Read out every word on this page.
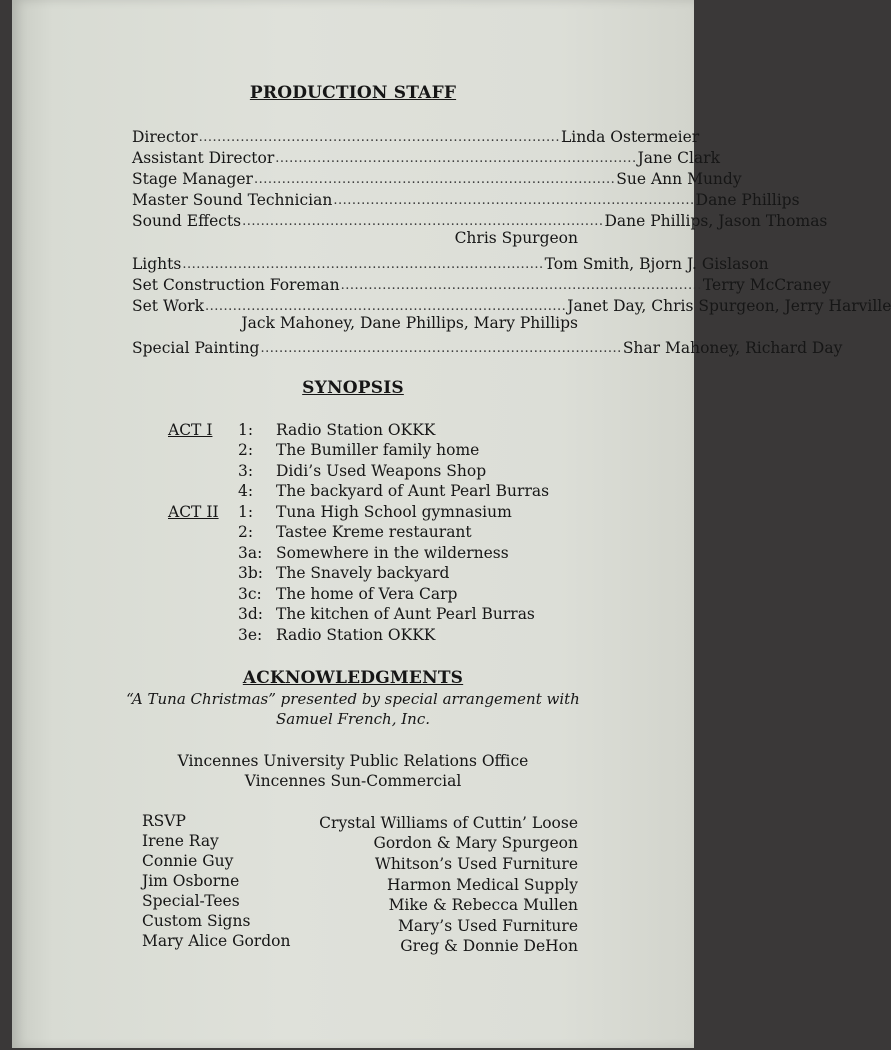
PRODUCTION STAFF
Director .............................................................................. Linda Ostermeier
Assistant Director .............................................................................. Jane Clark
Stage Manager .............................................................................. Sue Ann Mundy
Master Sound Technician .............................................................................. Dane Phillips
Sound Effects .............................................................................. Dane Phillips, Jason Thomas
Chris Spurgeon
Lights .............................................................................. Tom Smith, Bjorn J. Gislason
Set Construction Foreman .............................................................................. Terry McCraney
Set Work .............................................................................. Janet Day, Chris Spurgeon, Jerry Harville
Jack Mahoney, Dane Phillips, Mary Phillips
Special Painting .............................................................................. Shar Mahoney, Richard Day
SYNOPSIS
ACT I 1: Radio Station OKKK
2: The Bumiller family home
3: Didi’s Used Weapons Shop
4: The backyard of Aunt Pearl Burras
ACT II 1: Tuna High School gymnasium
2: Tastee Kreme restaurant
3a: Somewhere in the wilderness
3b: The Snavely backyard
3c: The home of Vera Carp
3d: The kitchen of Aunt Pearl Burras
3e: Radio Station OKKK
ACKNOWLEDGMENTS
“A Tuna Christmas” presented by special arrangement with
Samuel French, Inc.
Vincennes University Public Relations Office
Vincennes Sun-Commercial
RSVP
Irene Ray
Connie Guy
Jim Osborne
Special-Tees
Custom Signs
Mary Alice Gordon
Crystal Williams of Cuttin’ Loose
Gordon & Mary Spurgeon
Whitson’s Used Furniture
Harmon Medical Supply
Mike & Rebecca Mullen
Mary’s Used Furniture
Greg & Donnie DeHon
